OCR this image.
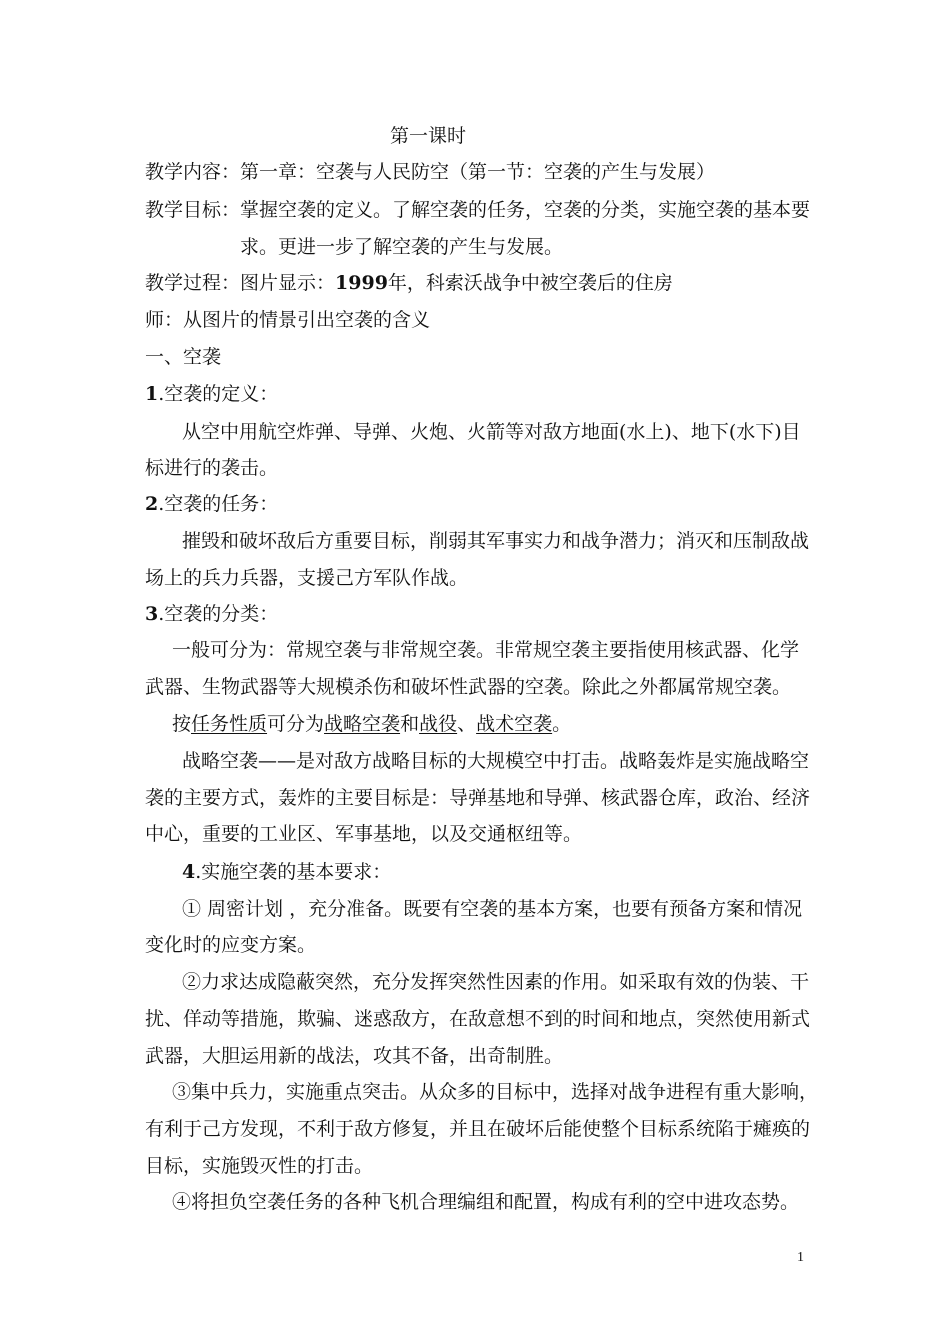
第一课时
教学内容：第一章：空袭与人民防空（第一节：空袭的产生与发展）
教学目标：掌握空袭的定义。了解空袭的任务，空袭的分类，实施空袭的基本要
求。更进一步了解空袭的产生与发展。
教学过程：图片显示：1999年，科索沃战争中被空袭后的住房
师：从图片的情景引出空袭的含义
一、空袭
1.空袭的定义：
从空中用航空炸弹、导弹、火炮、火箭等对敌方地面(水上)、地下(水下)目
标进行的袭击。
2.空袭的任务：
摧毁和破坏敌后方重要目标，削弱其军事实力和战争潜力；消灭和压制敌战
场上的兵力兵器，支援己方军队作战。
3.空袭的分类：
一般可分为：常规空袭与非常规空袭。非常规空袭主要指使用核武器、化学
武器、生物武器等大规模杀伤和破坏性武器的空袭。除此之外都属常规空袭。
按任务性质可分为战略空袭和战役、战术空袭。
战略空袭——是对敌方战略目标的大规模空中打击。战略轰炸是实施战略空
袭的主要方式，轰炸的主要目标是：导弹基地和导弹、核武器仓库，政治、经济
中心，重要的工业区、军事基地，以及交通枢纽等。
4.实施空袭的基本要求：
① 周密计划 ，充分准备。既要有空袭的基本方案，也要有预备方案和情况
变化时的应变方案。
②力求达成隐蔽突然，充分发挥突然性因素的作用。如采取有效的伪装、干
扰、佯动等措施，欺骗、迷惑敌方，在敌意想不到的时间和地点，突然使用新式
武器，大胆运用新的战法，攻其不备，出奇制胜。
③集中兵力，实施重点突击。从众多的目标中，选择对战争进程有重大影响，
有利于己方发现，不利于敌方修复，并且在破坏后能使整个目标系统陷于瘫痪的
目标，实施毁灭性的打击。
④将担负空袭任务的各种飞机合理编组和配置，构成有利的空中进攻态势。
1
